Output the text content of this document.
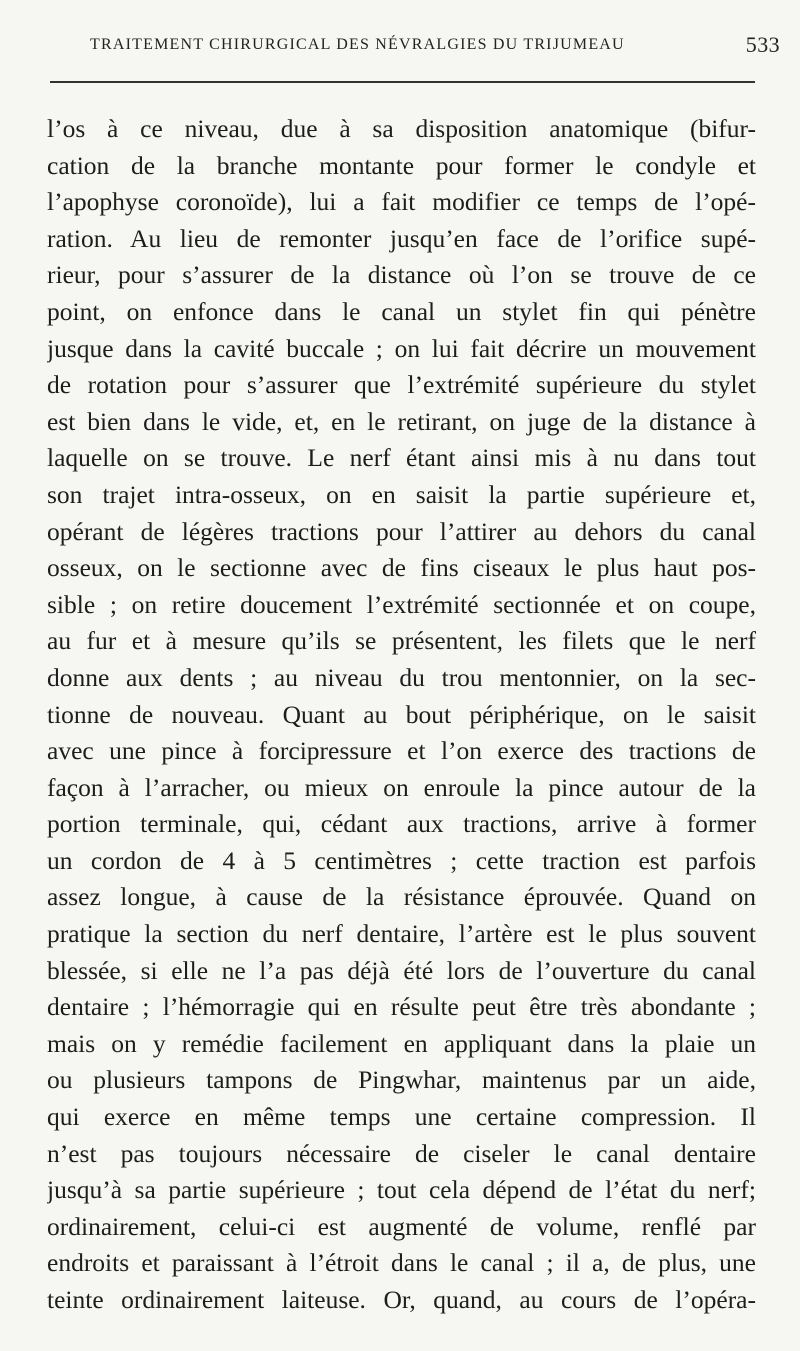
TRAITEMENT CHIRURGICAL DES NÉVRALGIES DU TRIJUMEAU	533
l’os à ce niveau, due à sa disposition anatomique (bifur-
cation de la branche montante pour former le condyle et
l’apophyse coronoïde), lui a fait modifier ce temps de l’opé-
ration. Au lieu de remonter jusqu’en face de l’orifice supé-
rieur, pour s’assurer de la distance où l’on se trouve de ce
point, on enfonce dans le canal un stylet fin qui pénètre
jusque dans la cavité buccale ; on lui fait décrire un mouvement
de rotation pour s’assurer que l’extrémité supérieure du stylet
est bien dans le vide, et, en le retirant, on juge de la distance à
laquelle on se trouve. Le nerf étant ainsi mis à nu dans tout
son trajet intra-osseux, on en saisit la partie supérieure et,
opérant de légères tractions pour l’attirer au dehors du canal
osseux, on le sectionne avec de fins ciseaux le plus haut pos-
sible ; on retire doucement l’extrémité sectionnée et on coupe,
au fur et à mesure qu’ils se présentent, les filets que le nerf
donne aux dents ; au niveau du trou mentonnier, on la sec-
tionne de nouveau. Quant au bout périphérique, on le saisit
avec une pince à forcipressure et l’on exerce des tractions de
façon à l’arracher, ou mieux on enroule la pince autour de la
portion terminale, qui, cédant aux tractions, arrive à former
un cordon de 4 à 5 centimètres ; cette traction est parfois
assez longue, à cause de la résistance éprouvée. Quand on
pratique la section du nerf dentaire, l’artère est le plus souvent
blessée, si elle ne l’a pas déjà été lors de l’ouverture du canal
dentaire ; l’hémorragie qui en résulte peut être très abondante ;
mais on y remédie facilement en appliquant dans la plaie un
ou plusieurs tampons de Pingwhar, maintenus par un aide,
qui exerce en même temps une certaine compression. Il
n’est pas toujours nécessaire de ciseler le canal dentaire
jusqu’à sa partie supérieure ; tout cela dépend de l’état du nerf;
ordinairement, celui-ci est augmenté de volume, renflé par
endroits et paraissant à l’étroit dans le canal ; il a, de plus, une
teinte ordinairement laiteuse. Or, quand, au cours de l’opéra-
